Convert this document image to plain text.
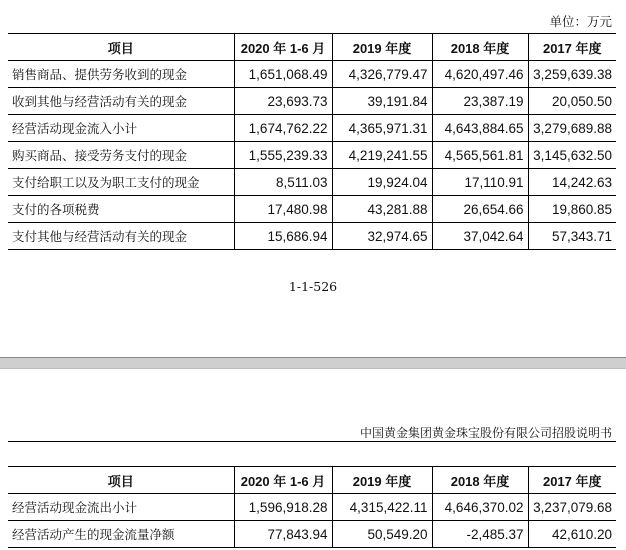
单位：万元
项目	2020 年 1-6 月	2019 年度	2018 年度	2017 年度
销售商品、提供劳务收到的现金	1,651,068.49	4,326,779.47	4,620,497.46	3,259,639.38
收到其他与经营活动有关的现金	23,693.73	39,191.84	23,387.19	20,050.50
经营活动现金流入小计	1,674,762.22	4,365,971.31	4,643,884.65	3,279,689.88
购买商品、接受劳务支付的现金	1,555,239.33	4,219,241.55	4,565,561.81	3,145,632.50
支付给职工以及为职工支付的现金	8,511.03	19,924.04	17,110.91	14,242.63
支付的各项税费	17,480.98	43,281.88	26,654.66	19,860.85
支付其他与经营活动有关的现金	15,686.94	32,974.65	37,042.64	57,343.71
1-1-526
中国黄金集团黄金珠宝股份有限公司招股说明书
项目	2020 年 1-6 月	2019 年度	2018 年度	2017 年度
经营活动现金流出小计	1,596,918.28	4,315,422.11	4,646,370.02	3,237,079.68
经营活动产生的现金流量净额	77,843.94	50,549.20	-2,485.37	42,610.20
